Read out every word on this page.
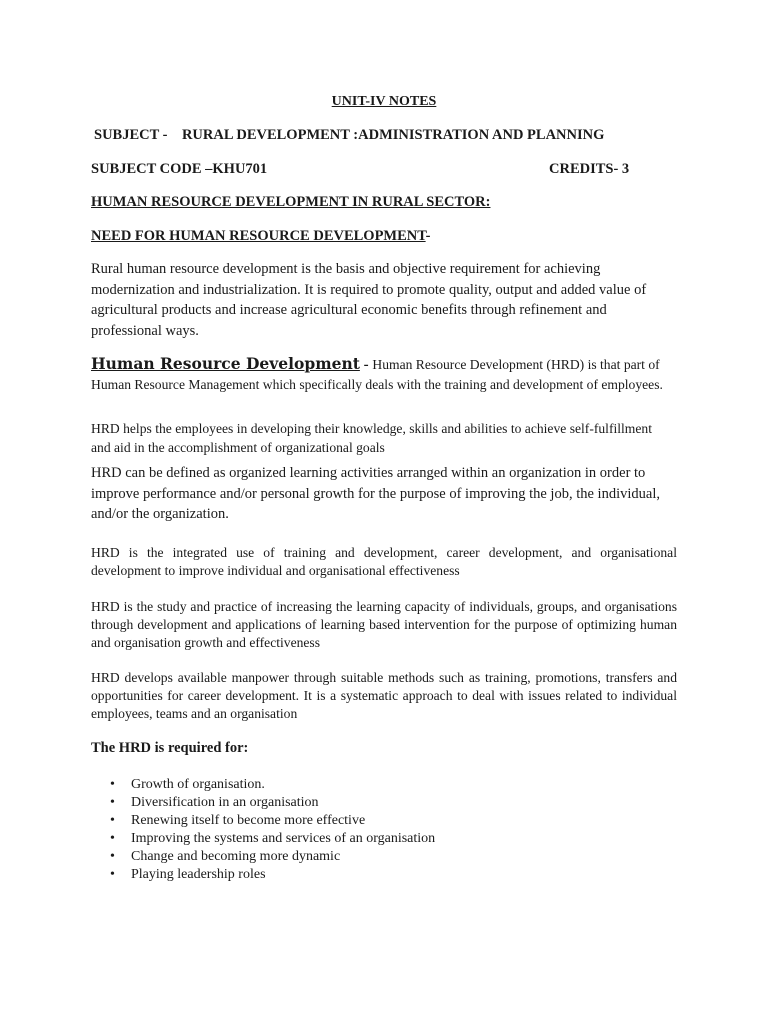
UNIT-IV NOTES

SUBJECT -    RURAL DEVELOPMENT :ADMINISTRATION AND PLANNING

SUBJECT CODE –KHU701	CREDITS- 3

HUMAN RESOURCE DEVELOPMENT IN RURAL SECTOR:

NEED FOR HUMAN RESOURCE DEVELOPMENT-

Rural human resource development is the basis and objective requirement for achieving modernization and industrialization. It is required to promote quality, output and added value of agricultural products and increase agricultural economic benefits through refinement and professional ways.

Human Resource Development - Human Resource Development (HRD) is that part of Human Resource Management which specifically deals with the training and development of employees.

HRD helps the employees in developing their knowledge, skills and abilities to achieve self-fulfillment and aid in the accomplishment of organizational goals

HRD can be defined as organized learning activities arranged within an organization in order to improve performance and/or personal growth for the purpose of improving the job, the individual, and/or the organization.

HRD is the integrated use of training and development, career development, and organisational development to improve individual and organisational effectiveness

HRD is the study and practice of increasing the learning capacity of individuals, groups, and organisations through development and applications of learning based intervention for the purpose of optimizing human and organisation growth and effectiveness

HRD develops available manpower through suitable methods such as training, promotions, transfers and opportunities for career development. It is a systematic approach to deal with issues related to individual employees, teams and an organisation

The HRD is required for:

• Growth of organisation.
• Diversification in an organisation
• Renewing itself to become more effective
• Improving the systems and services of an organisation
• Change and becoming more dynamic
• Playing leadership roles
